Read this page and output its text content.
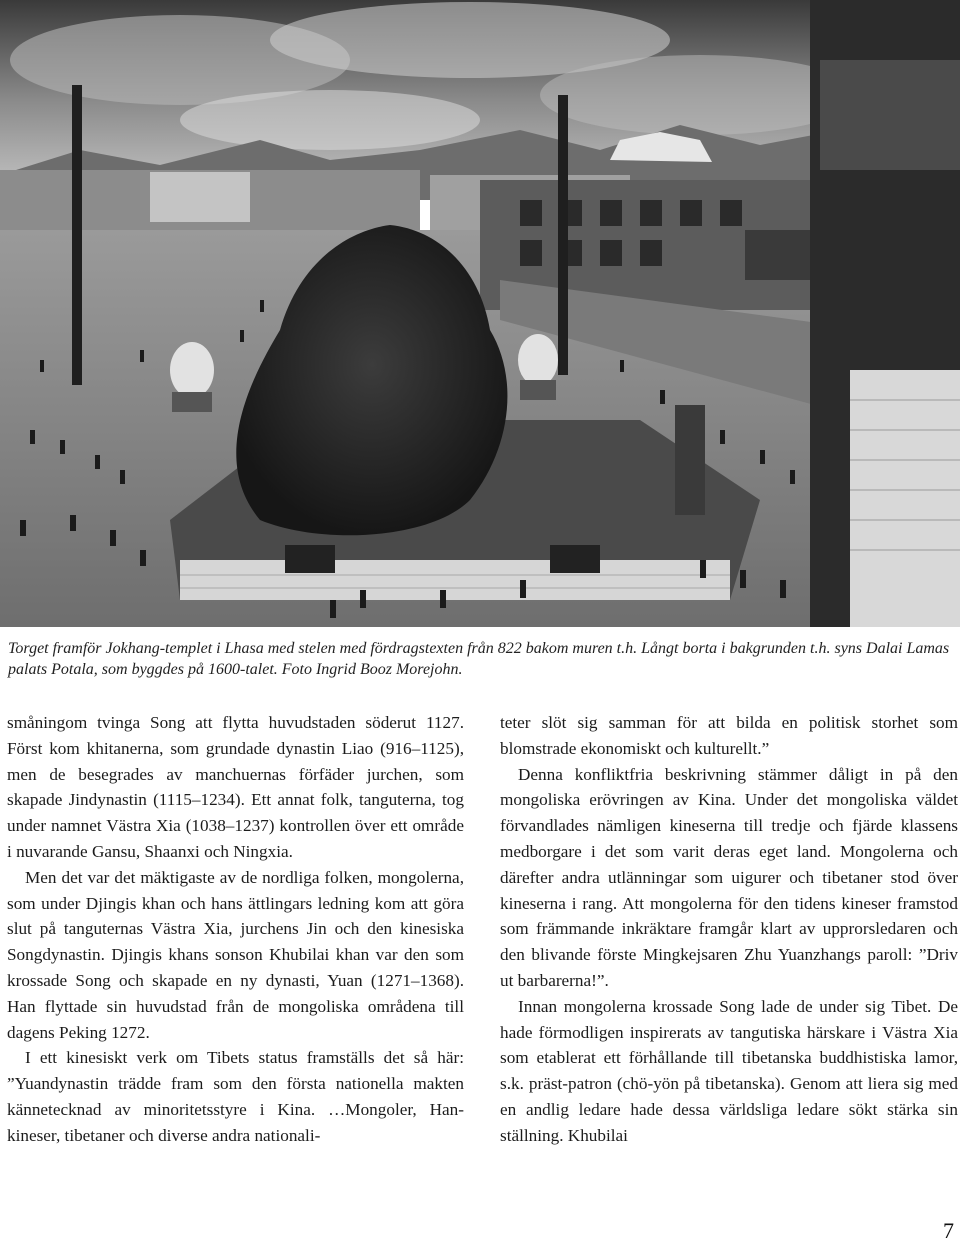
Torget framför Jokhang-templet i Lhasa med stelen med fördragstexten från 822 bakom muren t.h. Långt borta i bakgrunden t.h. syns Dalai Lamas

palats Potala, som byggdes på 1600-talet. Foto Ingrid Booz Morejohn.

småningom tvinga Song att flytta huvudstaden söderut 1127. Först kom khitanerna, som grundade dynastin Liao (916–1125), men de besegrades av manchuernas förfäder jurchen, som skapade Jindynastin (1115–1234). Ett annat folk, tanguterna, tog under namnet Västra Xia (1038–1237) kontrollen över ett område i nuvarande Gansu, Shaanxi och Ningxia.

Men det var det mäktigaste av de nordliga folken, mongolerna, som under Djingis khan och hans ättlingars ledning kom att göra slut på tanguternas Västra Xia, jurchens Jin och den kinesiska Songdynastin. Djingis khans sonson Khubilai khan var den som krossade Song och skapade en ny dynasti, Yuan (1271–1368). Han flyttade sin huvudstad från de mongoliska områdena till dagens Peking 1272.

I ett kinesiskt verk om Tibets status framställs det så här: ”Yuandynastin trädde fram som den första nationella makten kännetecknad av minoritetsstyre i Kina. …Mongoler, Han-kineser, tibetaner och diverse andra nationali-

teter slöt sig samman för att bilda en politisk storhet som blomstrade ekonomiskt och kulturellt.”

Denna konfliktfria beskrivning stämmer dåligt in på den mongoliska erövringen av Kina. Under det mongoliska väldet förvandlades nämligen kineserna till tredje och fjärde klassens medborgare i det som varit deras eget land. Mongolerna och därefter andra utlänningar som uigurer och tibetaner stod över kineserna i rang. Att mongolerna för den tidens kineser framstod som främmande inkräktare framgår klart av upprorsledaren och den blivande förste Mingkejsaren Zhu Yuanzhangs paroll: ”Driv ut barbarerna!”.

Innan mongolerna krossade Song lade de under sig Tibet. De hade förmodligen inspirerats av tangutiska härskare i Västra Xia som etablerat ett förhållande till tibetanska buddhistiska lamor, s.k. präst-patron (chö-yön på tibetanska). Genom att liera sig med en andlig ledare hade dessa världsliga ledare sökt stärka sin ställning. Khubilai

7
